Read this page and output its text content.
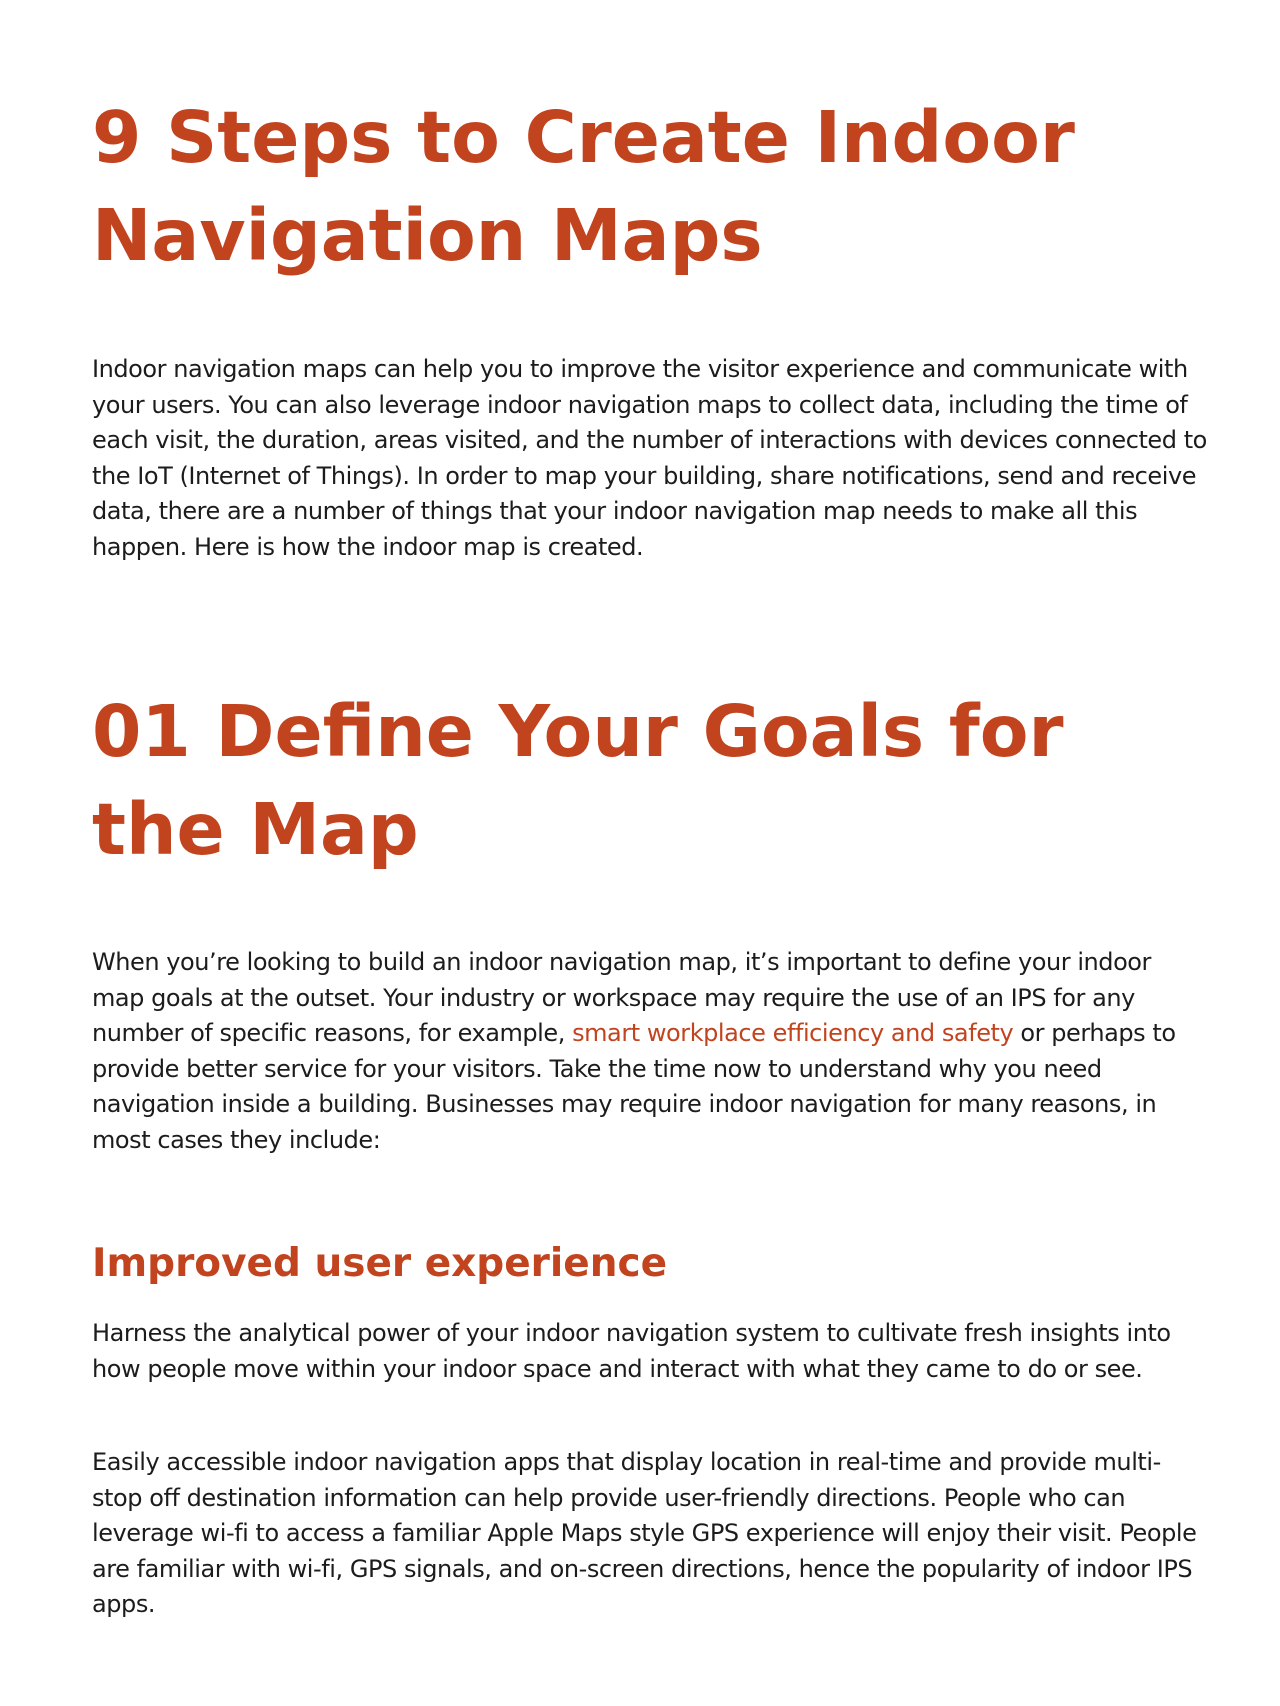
9 Steps to Create Indoor
Navigation Maps

Indoor navigation maps can help you to improve the visitor experience and communicate with your users. You can also leverage indoor navigation maps to collect data, including the time of each visit, the duration, areas visited, and the number of interactions with devices connected to the IoT (Internet of Things). In order to map your building, share notifications, send and receive data, there are a number of things that your indoor navigation map needs to make all this happen. Here is how the indoor map is created.

01 Define Your Goals for
the Map

When you’re looking to build an indoor navigation map, it’s important to define your indoor map goals at the outset. Your industry or workspace may require the use of an IPS for any number of specific reasons, for example, smart workplace efficiency and safety or perhaps to provide better service for your visitors. Take the time now to understand why you need navigation inside a building. Businesses may require indoor navigation for many reasons, in most cases they include:

Improved user experience

Harness the analytical power of your indoor navigation system to cultivate fresh insights into how people move within your indoor space and interact with what they came to do or see.

Easily accessible indoor navigation apps that display location in real-time and provide multi-stop off destination information can help provide user-friendly directions. People who can leverage wi-fi to access a familiar Apple Maps style GPS experience will enjoy their visit. People are familiar with wi-fi, GPS signals, and on-screen directions, hence the popularity of indoor IPS apps.
